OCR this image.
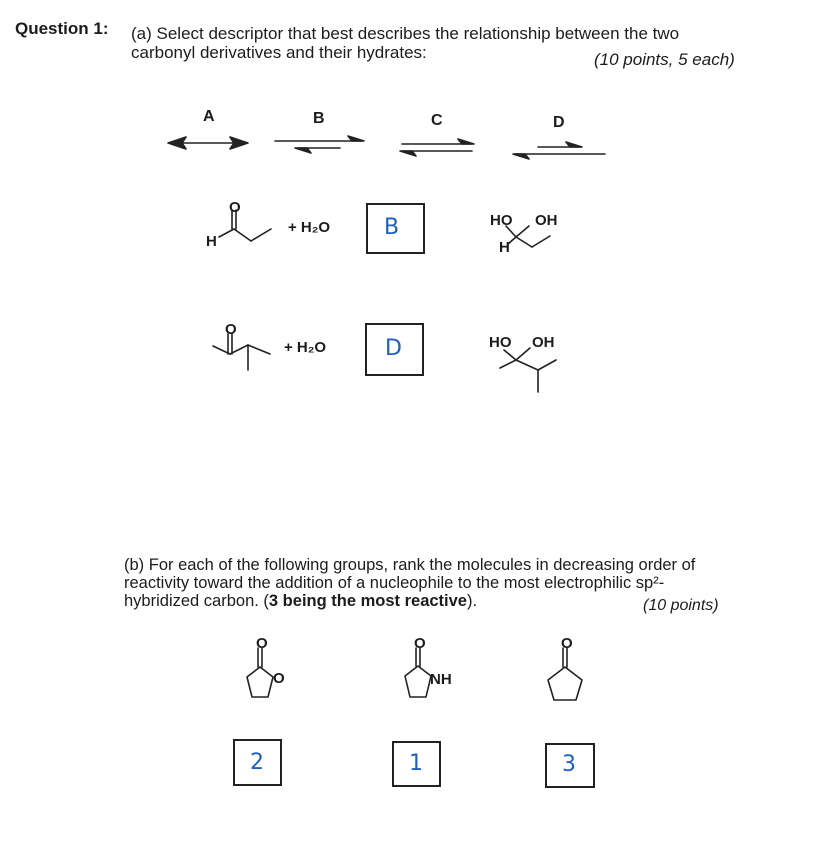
Question 1: (a) Select descriptor that best describes the relationship between the two
carbonyl derivatives and their hydrates:	(10 points, 5 each)
A	B	C	D
O
H
+ H₂O B	HO OH
H
O
+ H₂O	D	HO OH
(b) For each of the following groups, rank the molecules in decreasing order of
reactivity toward the addition of a nucleophile to the most electrophilic sp²-
hybridized carbon. (3 being the most reactive).	(10 points)
O
O
O
NH
O
2	1	3
